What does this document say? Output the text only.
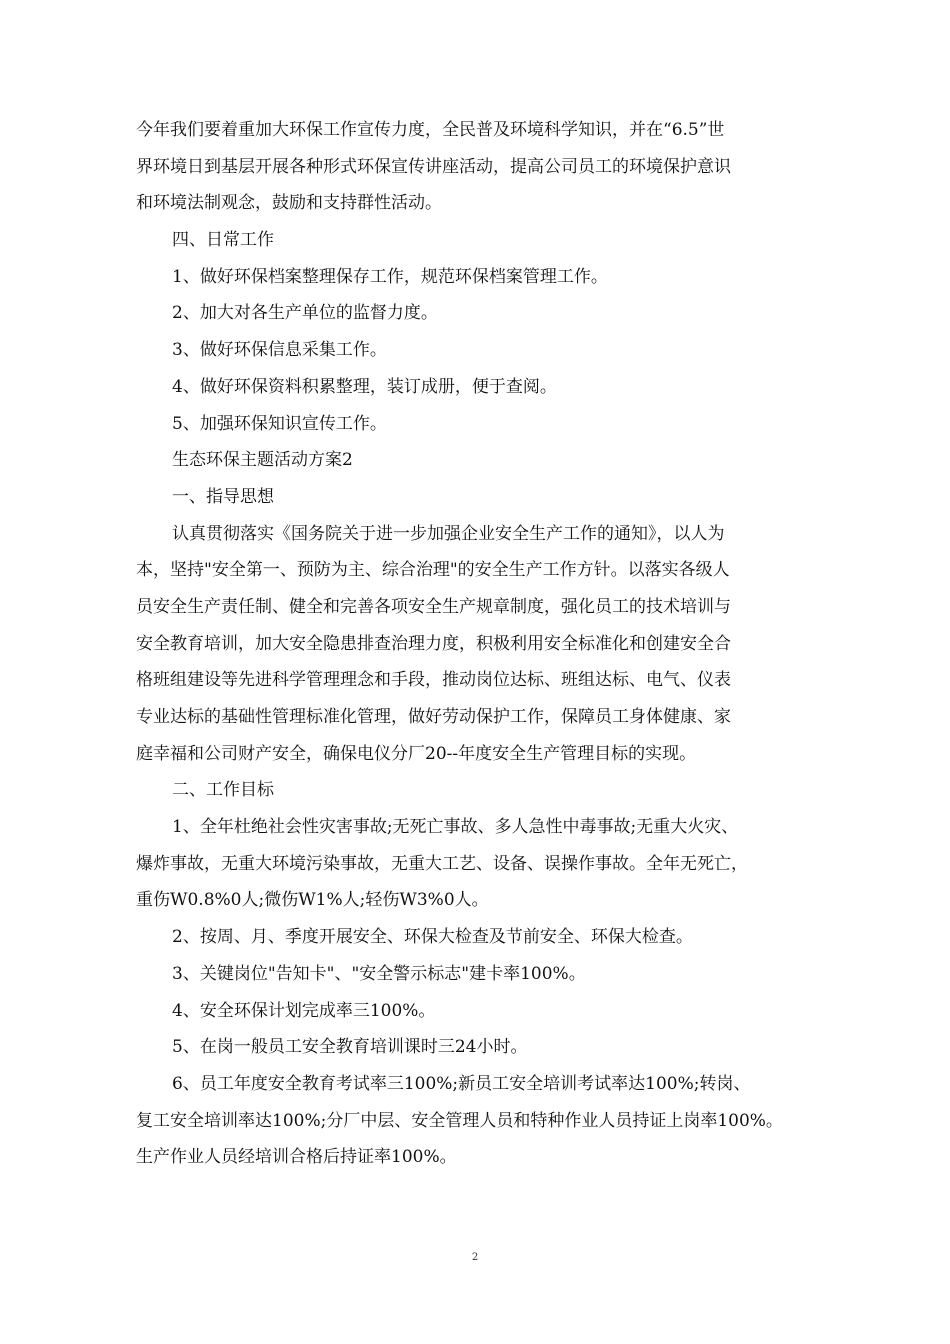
今年我们要着重加大环保工作宣传力度，全民普及环境科学知识，并在“6.5”世
界环境日到基层开展各种形式环保宣传讲座活动，提高公司员工的环境保护意识
和环境法制观念，鼓励和支持群性活动。
四、日常工作
1、做好环保档案整理保存工作，规范环保档案管理工作。
2、加大对各生产单位的监督力度。
3、做好环保信息采集工作。
4、做好环保资料积累整理，装订成册，便于查阅。
5、加强环保知识宣传工作。
生态环保主题活动方案2
一、指导思想
认真贯彻落实《国务院关于进一步加强企业安全生产工作的通知》，以人为
本，坚持"安全第一、预防为主、综合治理"的安全生产工作方针。以落实各级人
员安全生产责任制、健全和完善各项安全生产规章制度，强化员工的技术培训与
安全教育培训，加大安全隐患排查治理力度，积极利用安全标准化和创建安全合
格班组建设等先进科学管理理念和手段，推动岗位达标、班组达标、电气、仪表
专业达标的基础性管理标准化管理，做好劳动保护工作，保障员工身体健康、家
庭幸福和公司财产安全，确保电仪分厂20--年度安全生产管理目标的实现。
二、工作目标
1、全年杜绝社会性灾害事故;无死亡事故、多人急性中毒事故;无重大火灾、
爆炸事故，无重大环境污染事故，无重大工艺、设备、误操作事故。全年无死亡，
重伤W0.8%0人;微伤W1%人;轻伤W3%0人。
2、按周、月、季度开展安全、环保大检查及节前安全、环保大检查。
3、关键岗位"告知卡"、"安全警示标志"建卡率100%。
4、安全环保计划完成率三100%。
5、在岗一般员工安全教育培训课时三24小时。
6、员工年度安全教育考试率三100%;新员工安全培训考试率达100%;转岗、
复工安全培训率达100%;分厂中层、安全管理人员和特种作业人员持证上岗率100%。
生产作业人员经培训合格后持证率100%。
2
